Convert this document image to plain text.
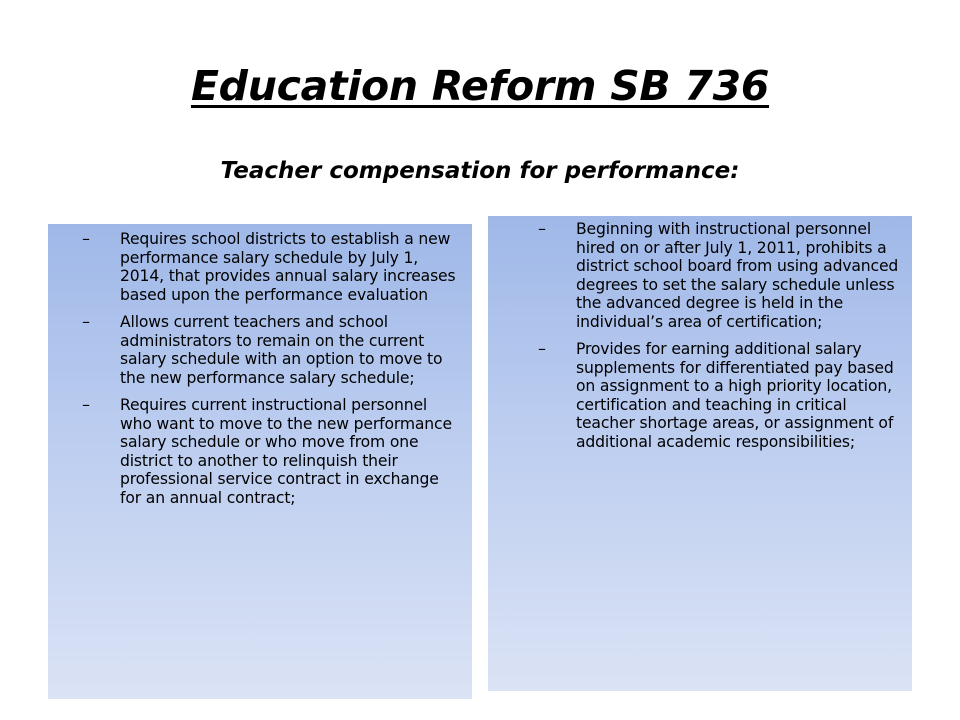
Education Reform SB 736
Teacher compensation for performance:
–	Requires school districts to establish a new performance salary schedule by July 1, 2014, that provides annual salary increases based upon the performance evaluation
–	Allows current teachers and school administrators to remain on the current salary schedule with an option to move to the new performance salary schedule;
–	Requires current instructional personnel who want to move to the new performance salary schedule or who move from one district to another to relinquish their professional service contract in exchange for an annual contract;
–	Beginning with instructional personnel hired on or after July 1, 2011, prohibits a district school board from using advanced degrees to set the salary schedule unless the advanced degree is held in the individual’s area of certification;
–	Provides for earning additional salary supplements for differentiated pay based on assignment to a high priority location, certification and teaching in critical teacher shortage areas, or assignment of additional academic responsibilities;
